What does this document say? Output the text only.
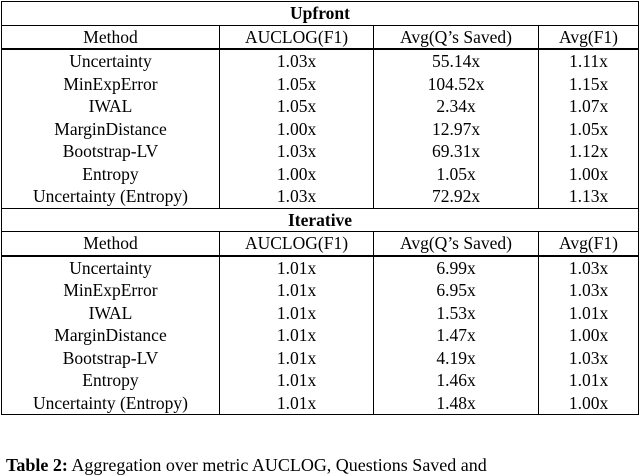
Upfront			
Method	AUCLOG(F1)	Avg(Q’s Saved)	Avg(F1)
Uncertainty	1.03x	55.14x	1.11x
MinExpError	1.05x	104.52x	1.15x
IWAL	1.05x	2.34x	1.07x
MarginDistance	1.00x	12.97x	1.05x
Bootstrap-LV	1.03x	69.31x	1.12x
Entropy	1.00x	1.05x	1.00x
Uncertainty (Entropy)	1.03x	72.92x	1.13x
Iterative			
Method	AUCLOG(F1)	Avg(Q’s Saved)	Avg(F1)
Uncertainty	1.01x	6.99x	1.03x
MinExpError	1.01x	6.95x	1.03x
IWAL	1.01x	1.53x	1.01x
MarginDistance	1.01x	1.47x	1.00x
Bootstrap-LV	1.01x	4.19x	1.03x
Entropy	1.01x	1.46x	1.01x
Uncertainty (Entropy)	1.01x	1.48x	1.00x
Table 2: Aggregation over metric AUCLOG, Questions Saved and
